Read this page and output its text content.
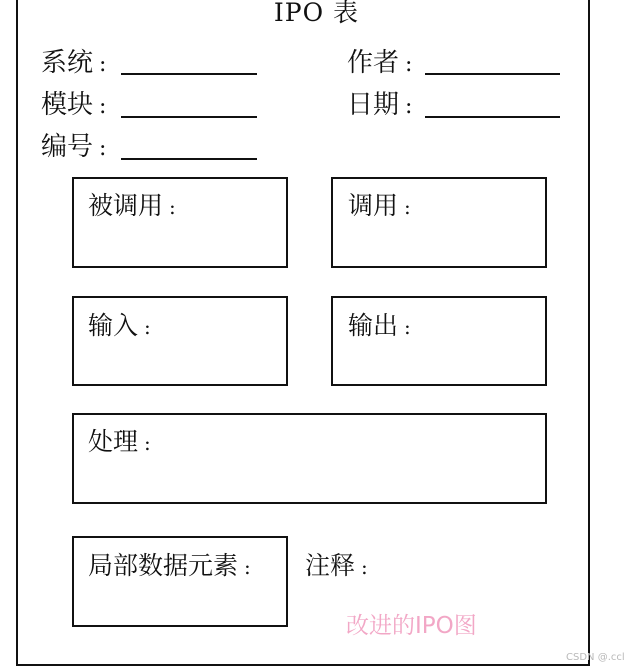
IPO 表
系统 :	作者 :
模块 :	日期 :
编号 :
被调用 :	调用 :
输入 :	输出 :
处理 :
局部数据元素 : 注释 :
改进的IPO图
CSDN @.ccl
